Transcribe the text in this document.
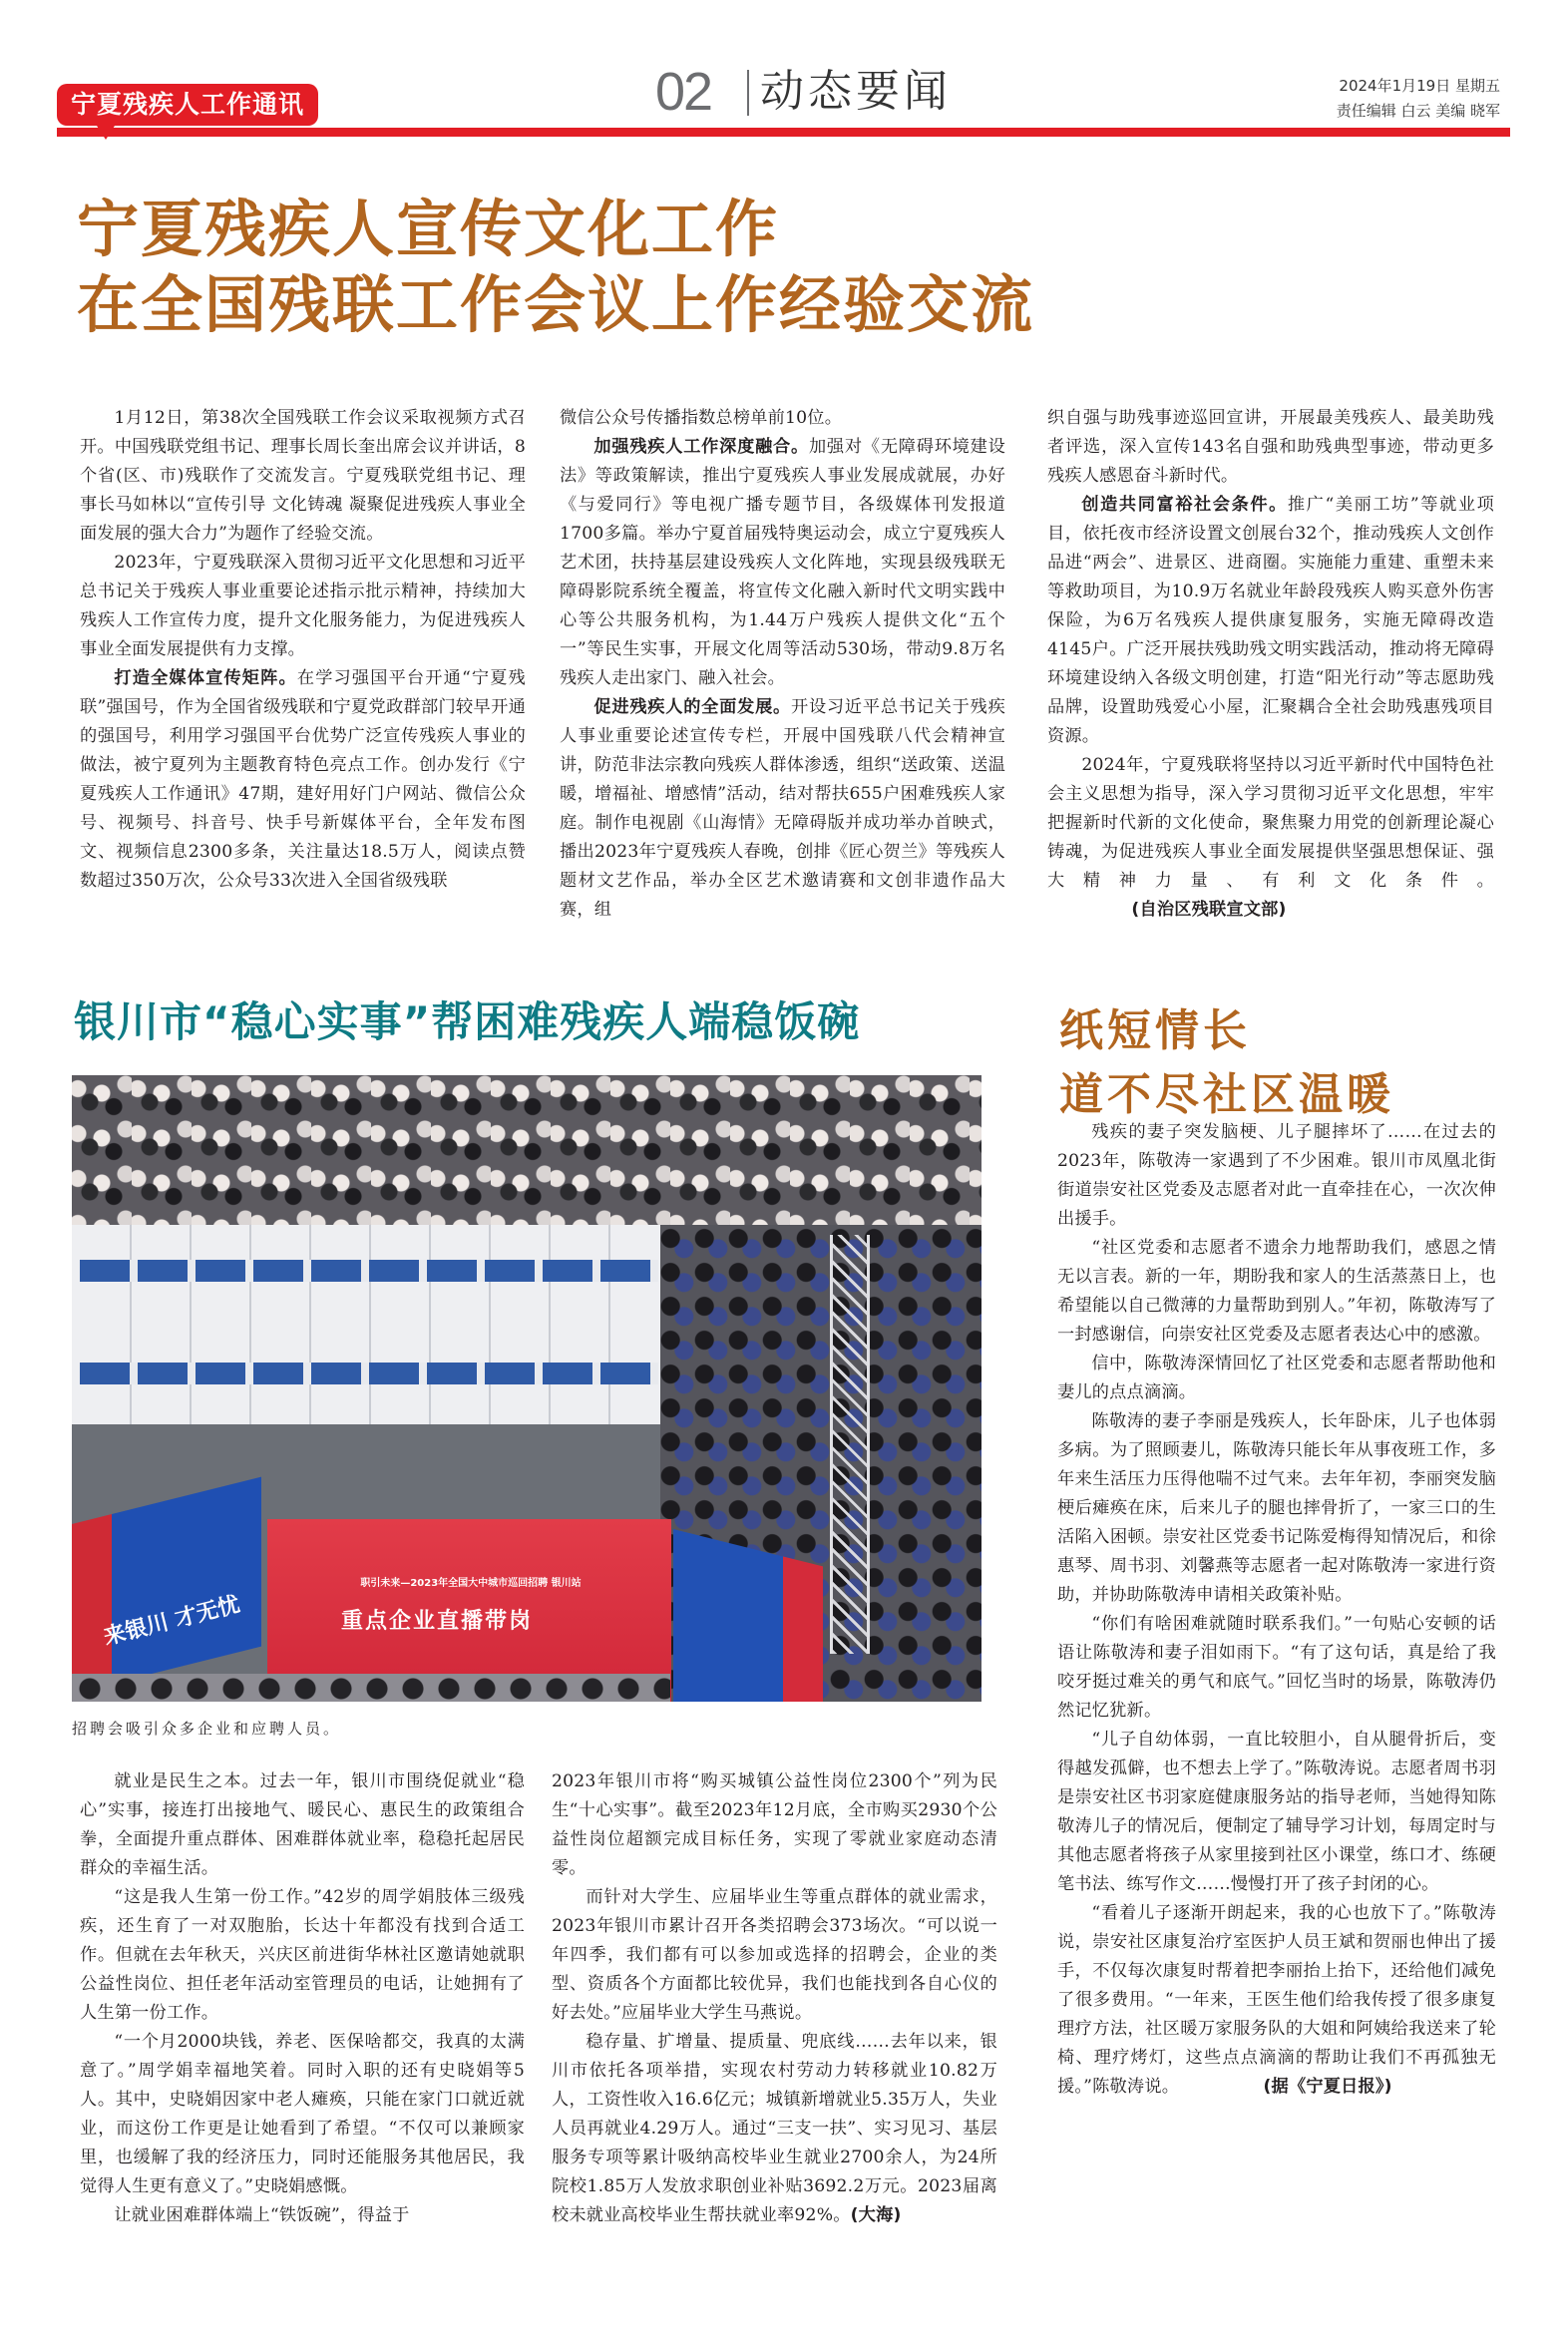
宁夏残疾人工作通讯	02 动态要闻	2024年1月19日 星期五
责任编辑 白云 美编 晓军
宁夏残疾人宣传文化工作
在全国残联工作会议上作经验交流

1月12日，第38次全国残联工作会议采取视频方式召开。中国残联党组书记、理事长周长奎出席会议并讲话，8个省(区、市)残联作了交流发言。宁夏残联党组书记、理事长马如林以“宣传引导 文化铸魂 凝聚促进残疾人事业全面发展的强大合力”为题作了经验交流。

2023年，宁夏残联深入贯彻习近平文化思想和习近平总书记关于残疾人事业重要论述指示批示精神，持续加大残疾人工作宣传力度，提升文化服务能力，为促进残疾人事业全面发展提供有力支撑。

打造全媒体宣传矩阵。在学习强国平台开通“宁夏残联”强国号，作为全国省级残联和宁夏党政群部门较早开通的强国号，利用学习强国平台优势广泛宣传残疾人事业的做法，被宁夏列为主题教育特色亮点工作。创办发行《宁夏残疾人工作通讯》47期，建好用好门户网站、微信公众号、视频号、抖音号、快手号新媒体平台，全年发布图文、视频信息2300多条，关注量达18.5万人，阅读点赞数超过350万次，公众号33次进入全国省级残联

微信公众号传播指数总榜单前10位。

加强残疾人工作深度融合。加强对《无障碍环境建设法》等政策解读，推出宁夏残疾人事业发展成就展，办好《与爱同行》等电视广播专题节目，各级媒体刊发报道1700多篇。举办宁夏首届残特奥运动会，成立宁夏残疾人艺术团，扶持基层建设残疾人文化阵地，实现县级残联无障碍影院系统全覆盖，将宣传文化融入新时代文明实践中心等公共服务机构，为1.44万户残疾人提供文化“五个一”等民生实事，开展文化周等活动530场，带动9.8万名残疾人走出家门、融入社会。

促进残疾人的全面发展。开设习近平总书记关于残疾人事业重要论述宣传专栏，开展中国残联八代会精神宣讲，防范非法宗教向残疾人群体渗透，组织“送政策、送温暖，增福祉、增感情”活动，结对帮扶655户困难残疾人家庭。制作电视剧《山海情》无障碍版并成功举办首映式，播出2023年宁夏残疾人春晚，创排《匠心贺兰》等残疾人题材文艺作品，举办全区艺术邀请赛和文创非遗作品大赛，组

织自强与助残事迹巡回宣讲，开展最美残疾人、最美助残者评选，深入宣传143名自强和助残典型事迹，带动更多残疾人感恩奋斗新时代。

创造共同富裕社会条件。推广“美丽工坊”等就业项目，依托夜市经济设置文创展台32个，推动残疾人文创作品进“两会”、进景区、进商圈。实施能力重建、重塑未来等救助项目，为10.9万名就业年龄段残疾人购买意外伤害保险，为6万名残疾人提供康复服务，实施无障碍改造4145户。广泛开展扶残助残文明实践活动，推动将无障碍环境建设纳入各级文明创建，打造“阳光行动”等志愿助残品牌，设置助残爱心小屋，汇聚耦合全社会助残惠残项目资源。

2024年，宁夏残联将坚持以习近平新时代中国特色社会主义思想为指导，深入学习贯彻习近平文化思想，牢牢把握新时代新的文化使命，聚焦聚力用党的创新理论凝心铸魂，为促进残疾人事业全面发展提供坚强思想保证、强大精神力量、有利文化条件。(自治区残联宣文部)

银川市“稳心实事”帮困难残疾人端稳饭碗
职引未来—2023年全国大中城市巡回招聘 银川站
重点企业直播带岗
来银川 才无忧
招聘会吸引众多企业和应聘人员。

就业是民生之本。过去一年，银川市围绕促就业“稳心”实事，接连打出接地气、暖民心、惠民生的政策组合拳，全面提升重点群体、困难群体就业率，稳稳托起居民群众的幸福生活。

“这是我人生第一份工作。”42岁的周学娟肢体三级残疾，还生育了一对双胞胎，长达十年都没有找到合适工作。但就在去年秋天，兴庆区前进街华林社区邀请她就职公益性岗位、担任老年活动室管理员的电话，让她拥有了人生第一份工作。

“一个月2000块钱，养老、医保啥都交，我真的太满意了。”周学娟幸福地笑着。同时入职的还有史晓娟等5人。其中，史晓娟因家中老人瘫痪，只能在家门口就近就业，而这份工作更是让她看到了希望。“不仅可以兼顾家里，也缓解了我的经济压力，同时还能服务其他居民，我觉得人生更有意义了。”史晓娟感慨。

让就业困难群体端上“铁饭碗”，得益于

2023年银川市将“购买城镇公益性岗位2300个”列为民生“十心实事”。截至2023年12月底，全市购买2930个公益性岗位超额完成目标任务，实现了零就业家庭动态清零。

而针对大学生、应届毕业生等重点群体的就业需求，2023年银川市累计召开各类招聘会373场次。“可以说一年四季，我们都有可以参加或选择的招聘会，企业的类型、资质各个方面都比较优异，我们也能找到各自心仪的好去处。”应届毕业大学生马燕说。

稳存量、扩增量、提质量、兜底线……去年以来，银川市依托各项举措，实现农村劳动力转移就业10.82万人，工资性收入16.6亿元；城镇新增就业5.35万人，失业人员再就业4.29万人。通过“三支一扶”、实习见习、基层服务专项等累计吸纳高校毕业生就业2700余人，为24所院校1.85万人发放求职创业补贴3692.2万元。2023届离校未就业高校毕业生帮扶就业率92%。(大海)

纸短情长
道不尽社区温暖

残疾的妻子突发脑梗、儿子腿摔坏了……在过去的2023年，陈敬涛一家遇到了不少困难。银川市凤凰北街街道崇安社区党委及志愿者对此一直牵挂在心，一次次伸出援手。

“社区党委和志愿者不遗余力地帮助我们，感恩之情无以言表。新的一年，期盼我和家人的生活蒸蒸日上，也希望能以自己微薄的力量帮助到别人。”年初，陈敬涛写了一封感谢信，向崇安社区党委及志愿者表达心中的感激。

信中，陈敬涛深情回忆了社区党委和志愿者帮助他和妻儿的点点滴滴。

陈敬涛的妻子李丽是残疾人，长年卧床，儿子也体弱多病。为了照顾妻儿，陈敬涛只能长年从事夜班工作，多年来生活压力压得他喘不过气来。去年年初，李丽突发脑梗后瘫痪在床，后来儿子的腿也摔骨折了，一家三口的生活陷入困顿。崇安社区党委书记陈爱梅得知情况后，和徐惠琴、周书羽、刘馨燕等志愿者一起对陈敬涛一家进行资助，并协助陈敬涛申请相关政策补贴。

“你们有啥困难就随时联系我们。”一句贴心安顿的话语让陈敬涛和妻子泪如雨下。“有了这句话，真是给了我咬牙挺过难关的勇气和底气。”回忆当时的场景，陈敬涛仍然记忆犹新。

“儿子自幼体弱，一直比较胆小，自从腿骨折后，变得越发孤僻，也不想去上学了。”陈敬涛说。志愿者周书羽是崇安社区书羽家庭健康服务站的指导老师，当她得知陈敬涛儿子的情况后，便制定了辅导学习计划，每周定时与其他志愿者将孩子从家里接到社区小课堂，练口才、练硬笔书法、练写作文……慢慢打开了孩子封闭的心。

“看着儿子逐渐开朗起来，我的心也放下了。”陈敬涛说，崇安社区康复治疗室医护人员王斌和贺丽也伸出了援手，不仅每次康复时帮着把李丽抬上抬下，还给他们减免了很多费用。“一年来，王医生他们给我传授了很多康复理疗方法，社区暖万家服务队的大姐和阿姨给我送来了轮椅、理疗烤灯，这些点点滴滴的帮助让我们不再孤独无援。”陈敬涛说。	(据《宁夏日报》)
